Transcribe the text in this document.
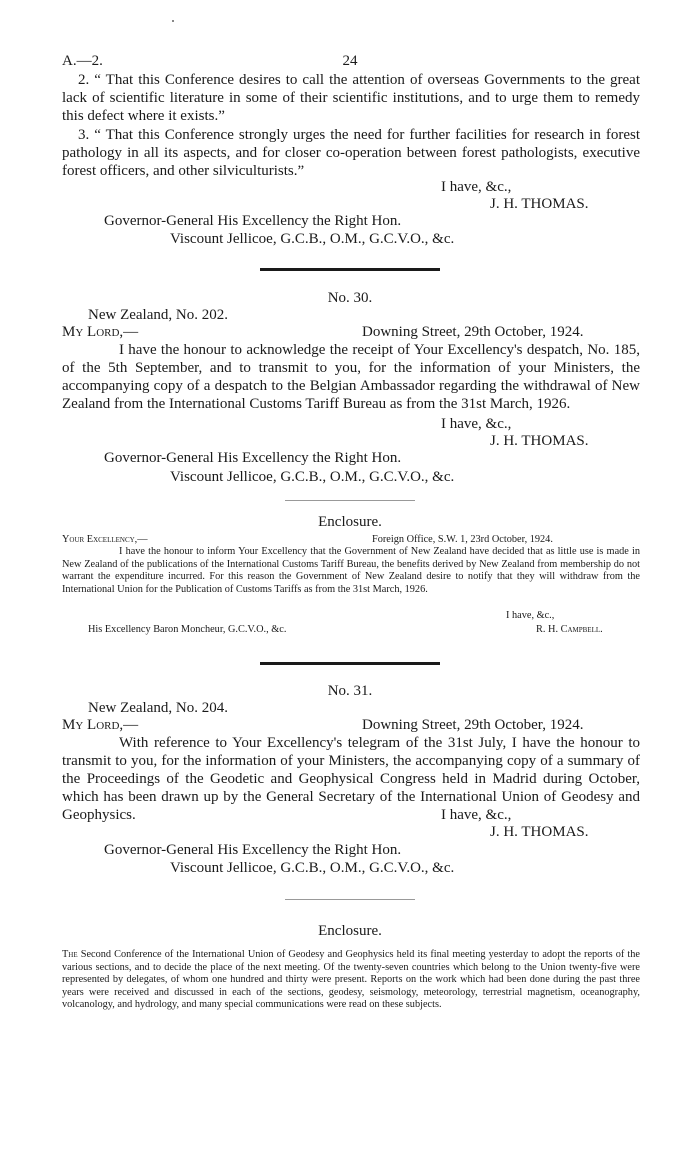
A.—2.	24
2. “ That this Conference desires to call the attention of overseas Governments to the great lack of scientific literature in some of their scientific institutions, and to urge them to remedy this defect where it exists.”
3. “ That this Conference strongly urges the need for further facilities for research in forest pathology in all its aspects, and for closer co-operation between forest pathologists, executive forest officers, and other silviculturists.”
I have, &c.,
J. H. THOMAS.
Governor-General His Excellency the Right Hon.
Viscount Jellicoe, G.C.B., O.M., G.C.V.O., &c.
No. 30.
New Zealand, No. 202.
My Lord,—	Downing Street, 29th October, 1924.
I have the honour to acknowledge the receipt of Your Excellency's despatch, No. 185, of the 5th September, and to transmit to you, for the information of your Ministers, the accompanying copy of a despatch to the Belgian Ambassador regarding the withdrawal of New Zealand from the International Customs Tariff Bureau as from the 31st March, 1926.
I have, &c.,
J. H. THOMAS.
Governor-General His Excellency the Right Hon.
Viscount Jellicoe, G.C.B., O.M., G.C.V.O., &c.
Enclosure.
Your Excellency,—	Foreign Office, S.W. 1, 23rd October, 1924.
I have the honour to inform Your Excellency that the Government of New Zealand have decided that as little use is made in New Zealand of the publications of the International Customs Tariff Bureau, the benefits derived by New Zealand from membership do not warrant the expenditure incurred. For this reason the Government of New Zealand desire to notify that they will withdraw from the International Union for the Publication of Customs Tariffs as from the 31st March, 1926.
I have, &c.,
His Excellency Baron Moncheur, G.C.V.O., &c.	R. H. Campbell.
No. 31.
New Zealand, No. 204.
My Lord,—	Downing Street, 29th October, 1924.
With reference to Your Excellency's telegram of the 31st July, I have the honour to transmit to you, for the information of your Ministers, the accompanying copy of a summary of the Proceedings of the Geodetic and Geophysical Congress held in Madrid during October, which has been drawn up by the General Secretary of the International Union of Geodesy and Geophysics.	I have, &c.,
J. H. THOMAS.
Governor-General His Excellency the Right Hon.
Viscount Jellicoe, G.C.B., O.M., G.C.V.O., &c.
Enclosure.
The Second Conference of the International Union of Geodesy and Geophysics held its final meeting yesterday to adopt the reports of the various sections, and to decide the place of the next meeting. Of the twenty-seven countries which belong to the Union twenty-five were represented by delegates, of whom one hundred and thirty were present. Reports on the work which had been done during the past three years were received and discussed in each of the sections, geodesy, seismology, meteorology, terrestrial magnetism, oceanography, volcanology, and hydrology, and many special communications were read on these subjects.
